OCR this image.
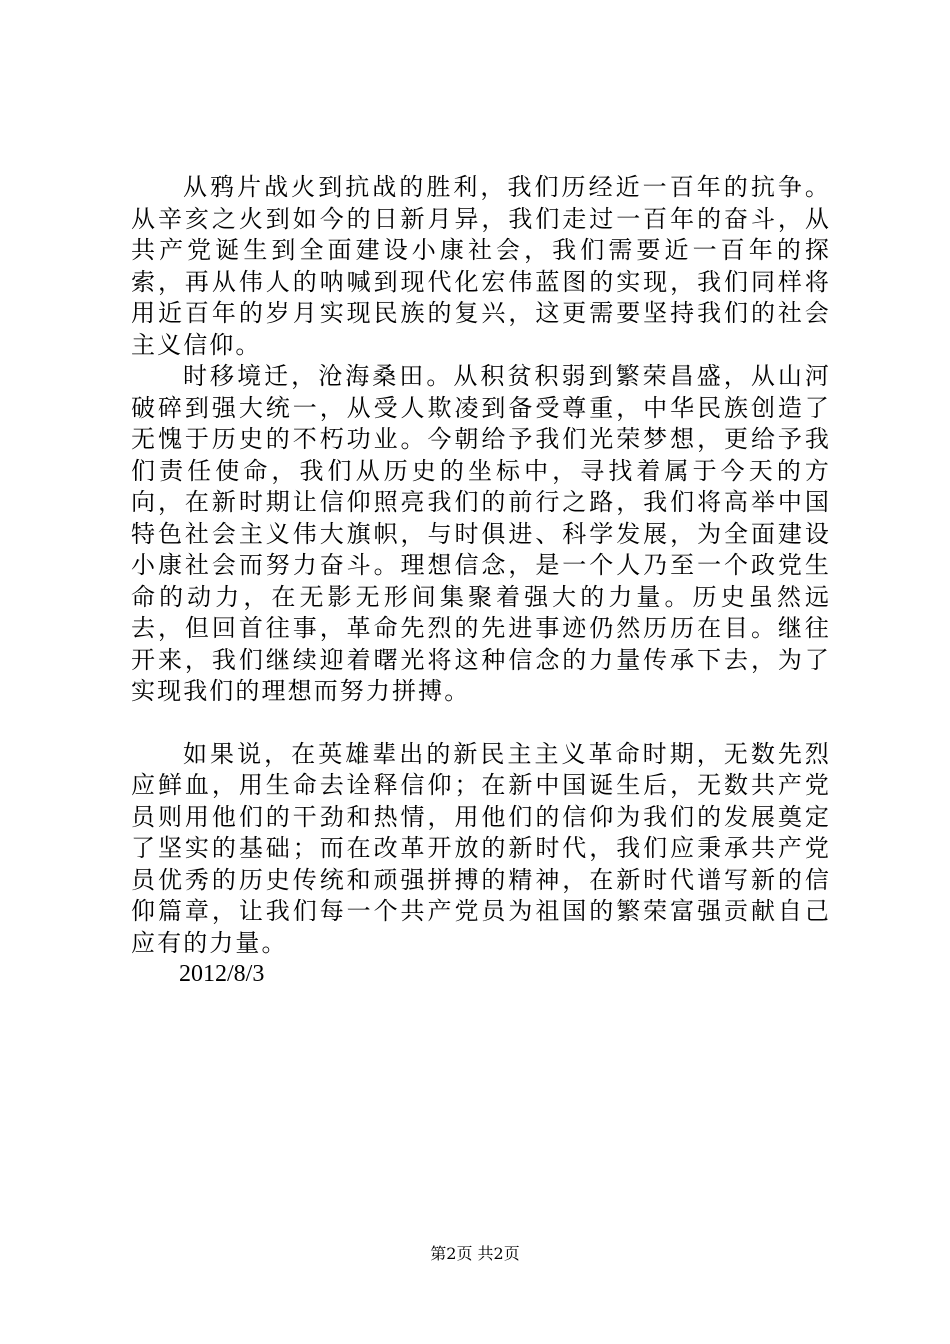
从鸦片战火到抗战的胜利，我们历经近一百年的抗争。从辛亥之火到如今的日新月异，我们走过一百年的奋斗，从共产党诞生到全面建设小康社会，我们需要近一百年的探索，再从伟人的呐喊到现代化宏伟蓝图的实现，我们同样将用近百年的岁月实现民族的复兴，这更需要坚持我们的社会主义信仰。

时移境迁，沧海桑田。从积贫积弱到繁荣昌盛，从山河破碎到强大统一，从受人欺凌到备受尊重，中华民族创造了无愧于历史的不朽功业。今朝给予我们光荣梦想，更给予我们责任使命，我们从历史的坐标中，寻找着属于今天的方向，在新时期让信仰照亮我们的前行之路，我们将高举中国特色社会主义伟大旗帜，与时俱进、科学发展，为全面建设小康社会而努力奋斗。理想信念，是一个人乃至一个政党生命的动力，在无影无形间集聚着强大的力量。历史虽然远去，但回首往事，革命先烈的先进事迹仍然历历在目。继往开来，我们继续迎着曙光将这种信念的力量传承下去，为了实现我们的理想而努力拼搏。

如果说，在英雄辈出的新民主主义革命时期，无数先烈应鲜血，用生命去诠释信仰；在新中国诞生后，无数共产党员则用他们的干劲和热情，用他们的信仰为我们的发展奠定了坚实的基础；而在改革开放的新时代，我们应秉承共产党员优秀的历史传统和顽强拼搏的精神，在新时代谱写新的信仰篇章，让我们每一个共产党员为祖国的繁荣富强贡献自己应有的力量。

2012/8/3

第2页 共2页
